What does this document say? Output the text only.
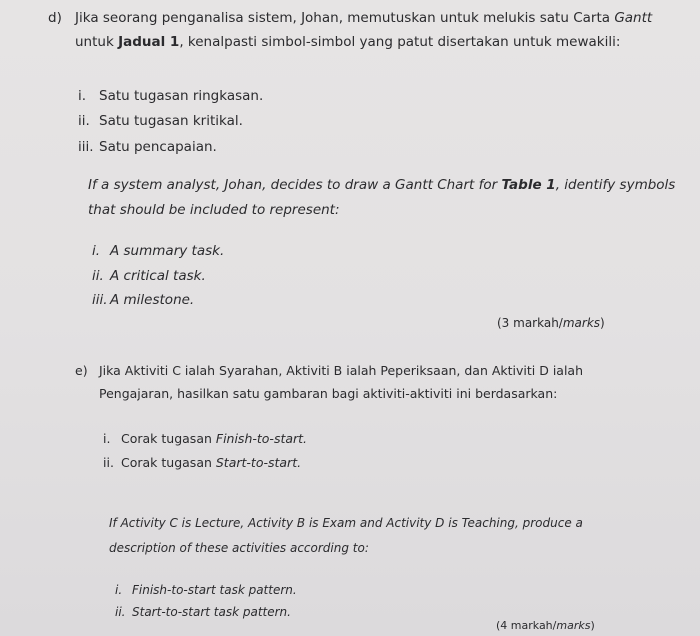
d) Jika seorang penganalisa sistem, Johan, memutuskan untuk melukis satu Carta Gantt
untuk Jadual 1, kenalpasti simbol-simbol yang patut disertakan untuk mewakili:
i. Satu tugasan ringkasan.
ii. Satu tugasan kritikal.
iii. Satu pencapaian.
If a system analyst, Johan, decides to draw a Gantt Chart for Table 1, identify symbols
that should be included to represent:
i. A summary task.
ii. A critical task.
iii. A milestone.
(3 markah/marks)
e) Jika Aktiviti C ialah Syarahan, Aktiviti B ialah Peperiksaan, dan Aktiviti D ialah
Pengajaran, hasilkan satu gambaran bagi aktiviti-aktiviti ini berdasarkan:
i. Corak tugasan Finish-to-start.
ii. Corak tugasan Start-to-start.
If Activity C is Lecture, Activity B is Exam and Activity D is Teaching, produce a
description of these activities according to:
i. Finish-to-start task pattern.
ii. Start-to-start task pattern.
(4 markah/marks)
